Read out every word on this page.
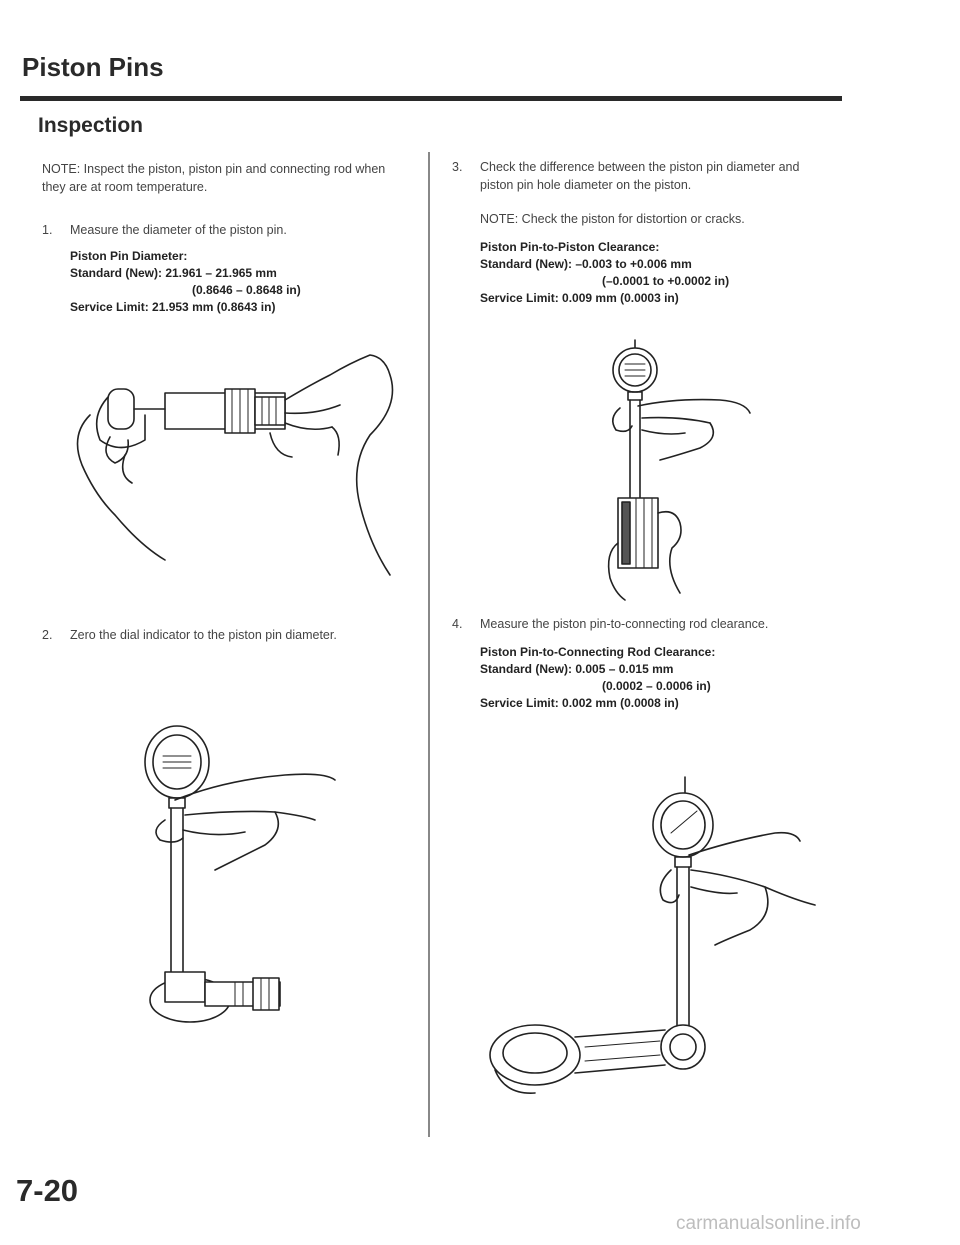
Piston Pins
Inspection
NOTE: Inspect the piston, piston pin and connecting rod when they are at room temperature.
1. Measure the diameter of the piston pin.
Piston Pin Diameter:
Standard (New): 21.961 – 21.965 mm
(0.8646 – 0.8648 in)
Service Limit: 21.953 mm (0.8643 in)
2. Zero the dial indicator to the piston pin diameter.
3.	Check the difference between the piston pin diameter and piston pin hole diameter on the piston.
NOTE: Check the piston for distortion or cracks.
Piston Pin-to-Piston Clearance:
Standard (New): –0.003 to +0.006 mm
(–0.0001 to +0.0002 in)
Service Limit: 0.009 mm (0.0003 in)
4. Measure the piston pin-to-connecting rod clearance.
Piston Pin-to-Connecting Rod Clearance:
Standard (New): 0.005 – 0.015 mm
(0.0002 – 0.0006 in)
Service Limit: 0.002 mm (0.0008 in)
7-20
carmanualsonline.info
